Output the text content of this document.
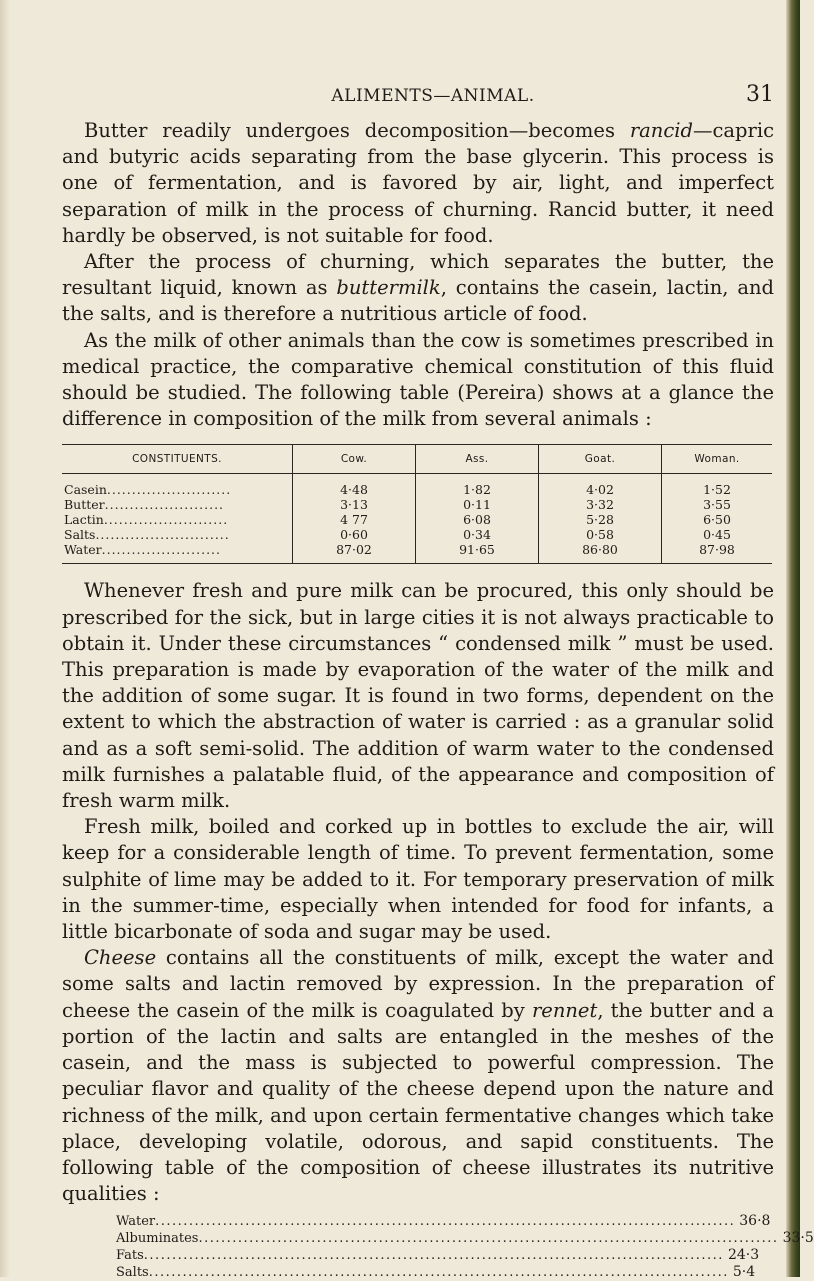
ALIMENTS—ANIMAL.	31

Butter readily undergoes decomposition—becomes rancid—capric and butyric acids separating from the base glycerin. This process is one of fermentation, and is favored by air, light, and imperfect separation of milk in the process of churning. Rancid butter, it need hardly be observed, is not suitable for food.

After the process of churning, which separates the butter, the resultant liquid, known as buttermilk, contains the casein, lactin, and the salts, and is therefore a nutritious article of food.

As the milk of other animals than the cow is sometimes prescribed in medical practice, the comparative chemical constitution of this fluid should be studied. The following table (Pereira) shows at a glance the difference in composition of the milk from several animals :

CONSTITUENTS.	Cow.	Ass.	Goat.	Woman.
Casein.........................	4·48	1·82	4·02	1·52
Butter........................	3·13	0·11	3·32	3·55
Lactin.........................	4 77	6·08	5·28	6·50
Salts...........................	0·60	0·34	0·58	0·45
Water........................	87·02	91·65	86·80	87·98

Whenever fresh and pure milk can be procured, this only should be prescribed for the sick, but in large cities it is not always practicable to obtain it. Under these circumstances “ condensed milk ” must be used. This preparation is made by evaporation of the water of the milk and the addition of some sugar. It is found in two forms, dependent on the extent to which the abstraction of water is carried : as a granular solid and as a soft semi-solid. The addition of warm water to the condensed milk furnishes a palatable fluid, of the appearance and composition of fresh warm milk.

Fresh milk, boiled and corked up in bottles to exclude the air, will keep for a considerable length of time. To prevent fermentation, some sulphite of lime may be added to it. For temporary preservation of milk in the summer-time, especially when intended for food for infants, a little bicarbonate of soda and sugar may be used.

Cheese contains all the constituents of milk, except the water and some salts and lactin removed by expression. In the preparation of cheese the casein of the milk is coagulated by rennet, the butter and a portion of the lactin and salts are entangled in the meshes of the casein, and the mass is subjected to powerful compression. The peculiar flavor and quality of the cheese depend upon the nature and richness of the milk, and upon certain fermentative changes which take place, developing volatile, odorous, and sapid constituents. The following table of the composition of cheese illustrates its nutritive qualities :

Water ....................................................................................................... 36·8
Albuminates ....................................................................................................... 33·5
Fats ....................................................................................................... 24·3
Salts ....................................................................................................... 5·4
